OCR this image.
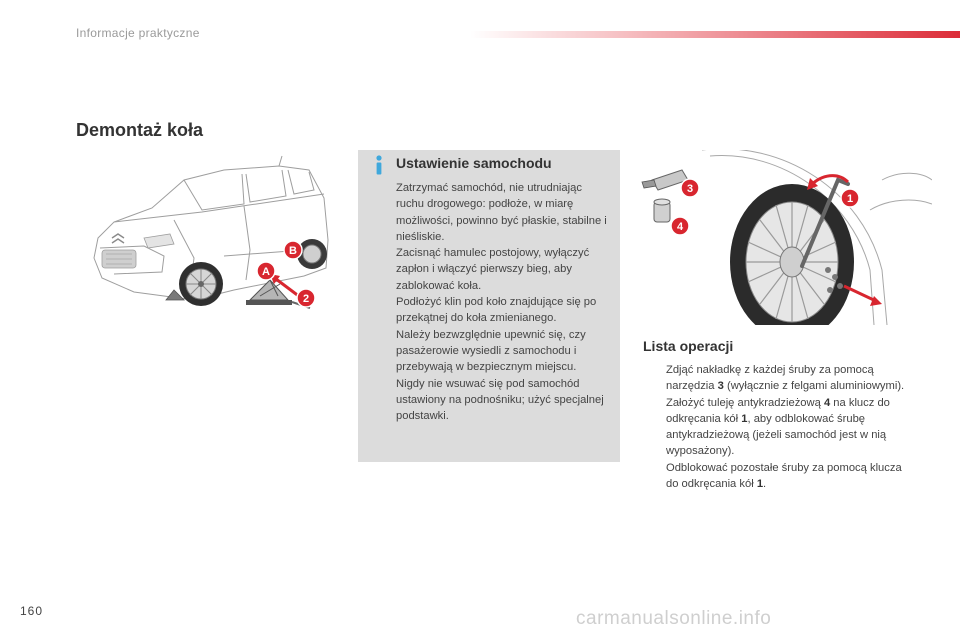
Informacje praktyczne
Demontaż koła
A
B
2
Ustawienie samochodu

Zatrzymać samochód, nie utrudniając ruchu drogowego: podłoże, w miarę możliwości, powinno być płaskie, stabilne i nieśliskie.

Zacisnąć hamulec postojowy, wyłączyć zapłon i włączyć pierwszy bieg, aby zablokować koła.

Podłożyć klin pod koło znajdujące się po przekątnej do koła zmienianego.

Należy bezwzględnie upewnić się, czy pasażerowie wysiedli z samochodu i przebywają w bezpiecznym miejscu.

Nigdy nie wsuwać się pod samochód ustawiony na podnośniku; użyć specjalnej podstawki.

1
3
4
Lista operacji
Zdjąć nakładkę z każdej śruby za pomocą narzędzia 3 (wyłącznie z felgami aluminiowymi).
Założyć tuleję antykradzieżową 4 na klucz do odkręcania kół 1, aby odblokować śrubę antykradzieżową (jeżeli samochód jest w nią wyposażony).
Odblokować pozostałe śruby za pomocą klucza do odkręcania kół 1.
160	carmanualsonline.info
